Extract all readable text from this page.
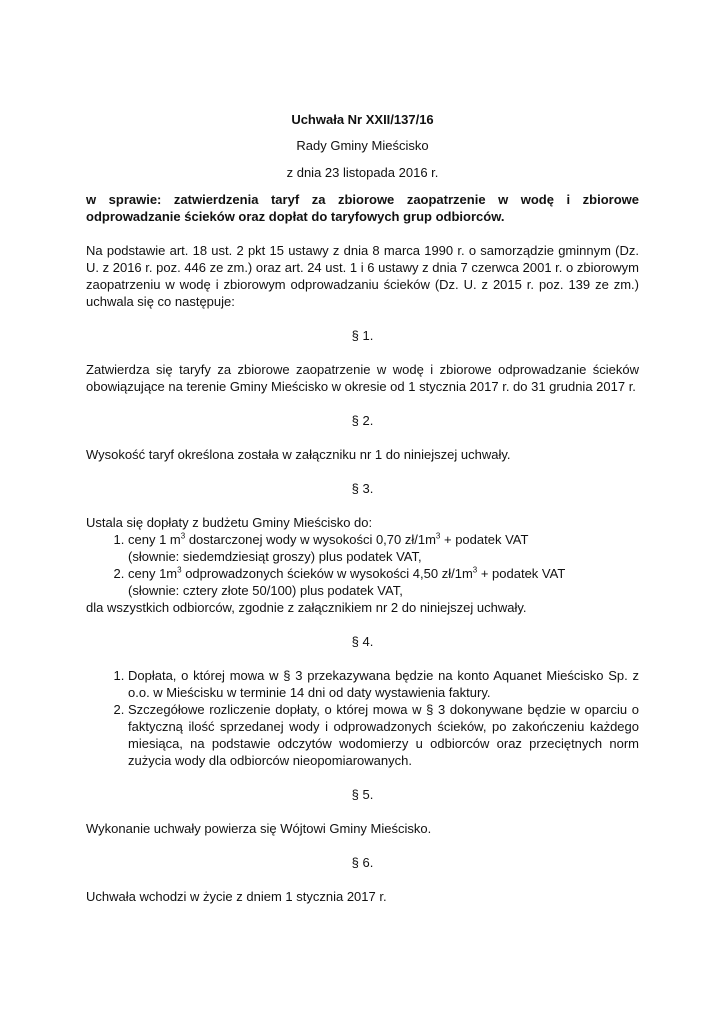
Uchwała Nr XXII/137/16
Rady Gminy Mieścisko
z dnia 23 listopada 2016 r.
w sprawie: zatwierdzenia taryf za zbiorowe zaopatrzenie w wodę i zbiorowe odprowadzanie ścieków oraz dopłat do taryfowych grup odbiorców.
Na podstawie art. 18 ust. 2 pkt 15 ustawy z dnia 8 marca 1990 r. o samorządzie gminnym (Dz. U. z 2016 r. poz. 446 ze zm.) oraz art. 24 ust. 1 i 6 ustawy z dnia 7 czerwca 2001 r. o zbiorowym zaopatrzeniu w wodę i zbiorowym odprowadzaniu ścieków (Dz. U. z 2015 r. poz. 139 ze zm.) uchwala się co następuje:
§ 1.
Zatwierdza się taryfy za zbiorowe zaopatrzenie w wodę i zbiorowe odprowadzanie ścieków obowiązujące na terenie Gminy Mieścisko w okresie od 1 stycznia 2017 r. do 31 grudnia 2017 r.
§ 2.
Wysokość taryf określona została w załączniku nr 1 do niniejszej uchwały.
§ 3.
Ustala się dopłaty z budżetu Gminy Mieścisko do:
1. ceny 1 $m^3$ dostarczonej wody w wysokości 0,70 $zł/1m^3$ + podatek VAT
(słownie: siedemdziesiąt groszy) plus podatek VAT,
2. ceny $1m^3$ odprowadzonych ścieków w wysokości 4,50 $zł/1m^3$ + podatek VAT
(słownie: cztery złote 50/100) plus podatek VAT,
dla wszystkich odbiorców, zgodnie z załącznikiem nr 2 do niniejszej uchwały.
§ 4.
1. Dopłata, o której mowa w § 3 przekazywana będzie na konto Aquanet Mieścisko Sp. z o.o. w Mieścisku w terminie 14 dni od daty wystawienia faktury.
2. Szczegółowe rozliczenie dopłaty, o której mowa w § 3 dokonywane będzie w oparciu o faktyczną ilość sprzedanej wody i odprowadzonych ścieków, po zakończeniu każdego miesiąca, na podstawie odczytów wodomierzy u odbiorców oraz przeciętnych norm zużycia wody dla odbiorców nieopomiarowanych.
§ 5.
Wykonanie uchwały powierza się Wójtowi Gminy Mieścisko.
§ 6.
Uchwała wchodzi w życie z dniem 1 stycznia 2017 r.
